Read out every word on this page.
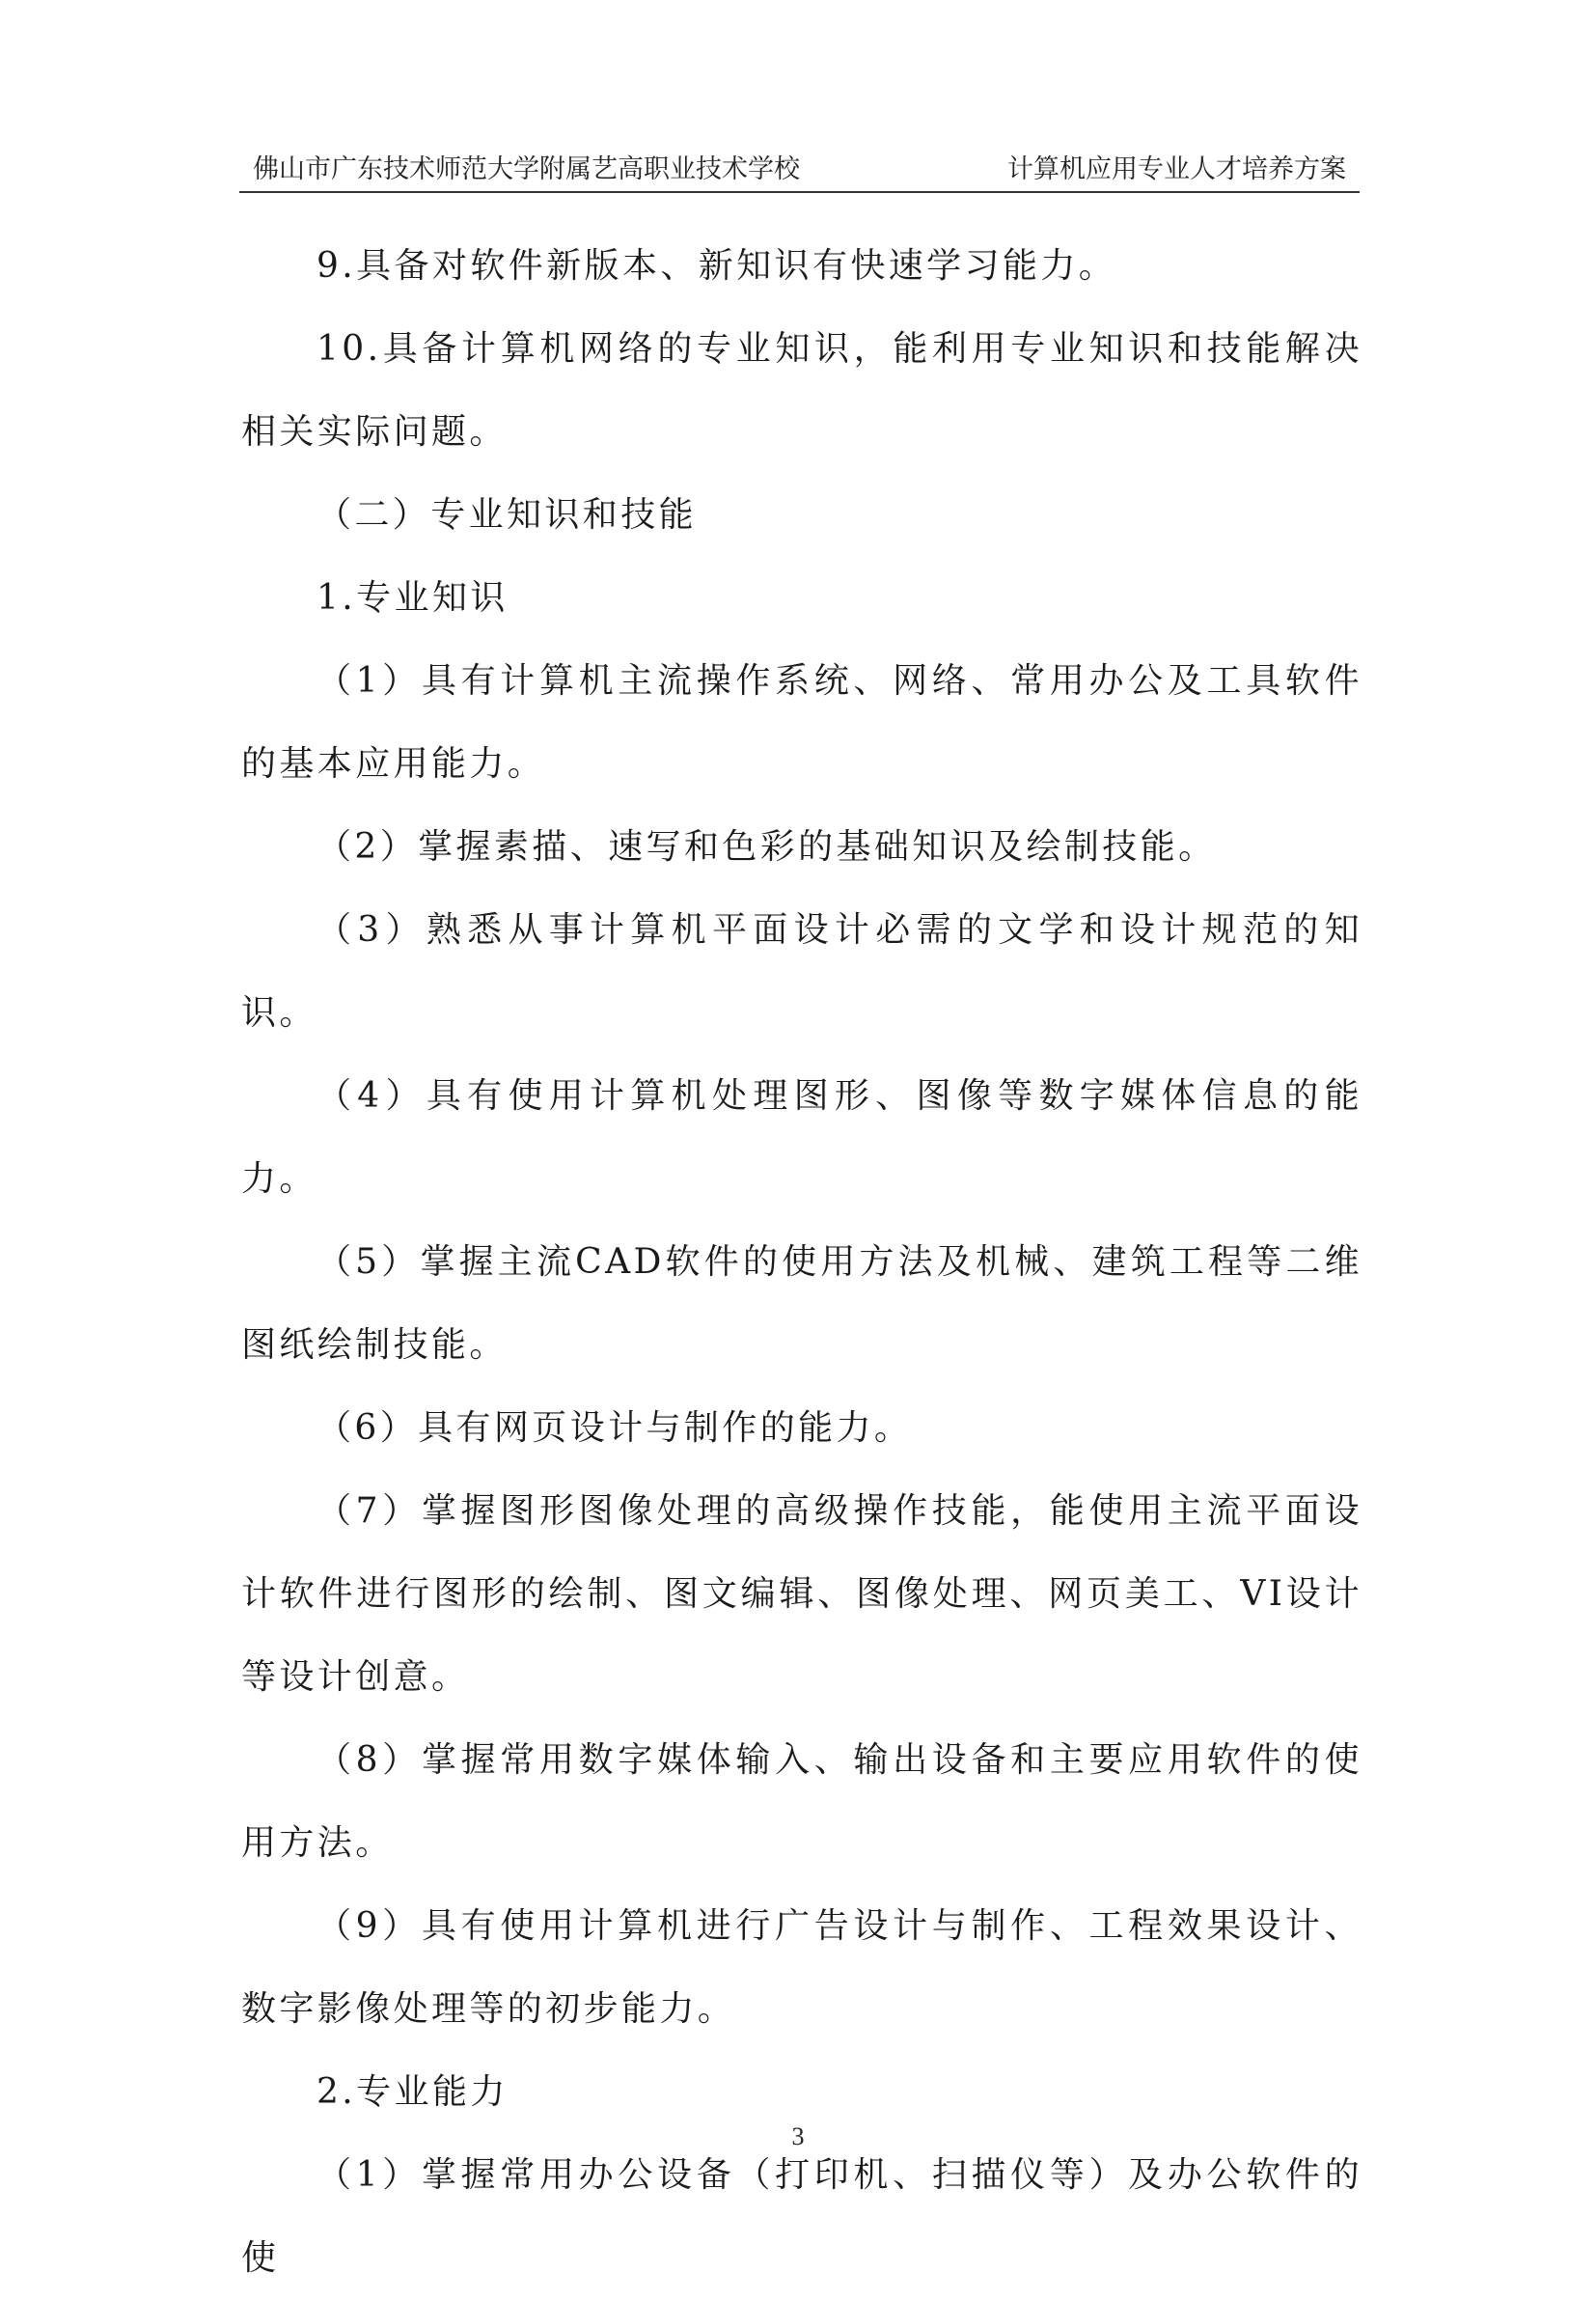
佛山市广东技术师范大学附属艺高职业技术学校	计算机应用专业人才培养方案

9.具备对软件新版本、新知识有快速学习能力。

10.具备计算机网络的专业知识，能利用专业知识和技能解决相关实际问题。

（二）专业知识和技能

1.专业知识

（1）具有计算机主流操作系统、网络、常用办公及工具软件的基本应用能力。

（2）掌握素描、速写和色彩的基础知识及绘制技能。

（3）熟悉从事计算机平面设计必需的文学和设计规范的知识。

（4）具有使用计算机处理图形、图像等数字媒体信息的能力。

（5）掌握主流CAD软件的使用方法及机械、建筑工程等二维图纸绘制技能。

（6）具有网页设计与制作的能力。

（7）掌握图形图像处理的高级操作技能，能使用主流平面设计软件进行图形的绘制、图文编辑、图像处理、网页美工、VI设计等设计创意。

（8）掌握常用数字媒体输入、输出设备和主要应用软件的使用方法。

（9）具有使用计算机进行广告设计与制作、工程效果设计、数字影像处理等的初步能力。

2.专业能力

（1）掌握常用办公设备（打印机、扫描仪等）及办公软件的使

3
